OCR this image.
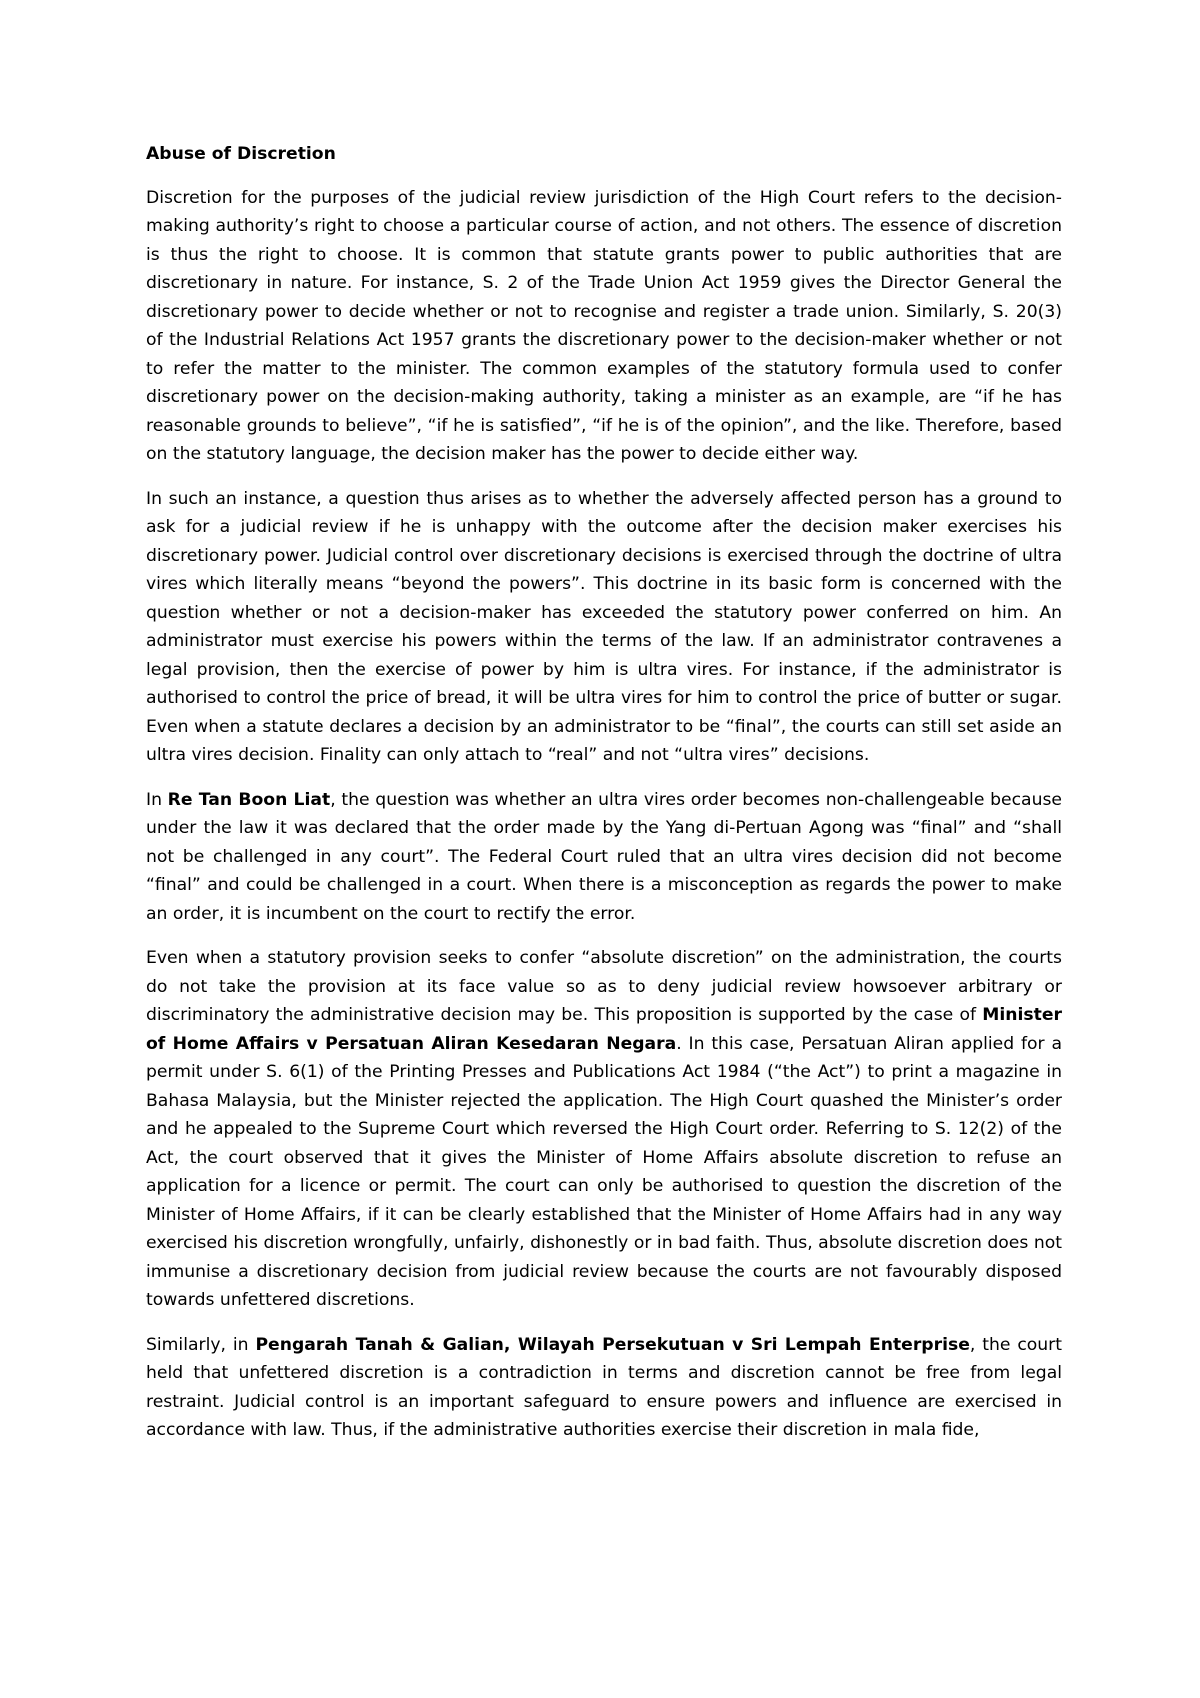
Abuse of Discretion

Discretion for the purposes of the judicial review jurisdiction of the High Court refers to the decision-making authority’s right to choose a particular course of action, and not others. The essence of discretion is thus the right to choose. It is common that statute grants power to public authorities that are discretionary in nature. For instance, S. 2 of the Trade Union Act 1959 gives the Director General the discretionary power to decide whether or not to recognise and register a trade union. Similarly, S. 20(3) of the Industrial Relations Act 1957 grants the discretionary power to the decision-maker whether or not to refer the matter to the minister. The common examples of the statutory formula used to confer discretionary power on the decision-making authority, taking a minister as an example, are “if he has reasonable grounds to believe”, “if he is satisfied”, “if he is of the opinion”, and the like. Therefore, based on the statutory language, the decision maker has the power to decide either way.

In such an instance, a question thus arises as to whether the adversely affected person has a ground to ask for a judicial review if he is unhappy with the outcome after the decision maker exercises his discretionary power. Judicial control over discretionary decisions is exercised through the doctrine of ultra vires which literally means “beyond the powers”. This doctrine in its basic form is concerned with the question whether or not a decision-maker has exceeded the statutory power conferred on him. An administrator must exercise his powers within the terms of the law. If an administrator contravenes a legal provision, then the exercise of power by him is ultra vires. For instance, if the administrator is authorised to control the price of bread, it will be ultra vires for him to control the price of butter or sugar. Even when a statute declares a decision by an administrator to be “final”, the courts can still set aside an ultra vires decision. Finality can only attach to “real” and not “ultra vires” decisions.

In Re Tan Boon Liat, the question was whether an ultra vires order becomes non-challengeable because under the law it was declared that the order made by the Yang di-Pertuan Agong was “final” and “shall not be challenged in any court”. The Federal Court ruled that an ultra vires decision did not become “final” and could be challenged in a court. When there is a misconception as regards the power to make an order, it is incumbent on the court to rectify the error.

Even when a statutory provision seeks to confer “absolute discretion” on the administration, the courts do not take the provision at its face value so as to deny judicial review howsoever arbitrary or discriminatory the administrative decision may be. This proposition is supported by the case of Minister of Home Affairs v Persatuan Aliran Kesedaran Negara. In this case, Persatuan Aliran applied for a permit under S. 6(1) of the Printing Presses and Publications Act 1984 (“the Act”) to print a magazine in Bahasa Malaysia, but the Minister rejected the application. The High Court quashed the Minister’s order and he appealed to the Supreme Court which reversed the High Court order. Referring to S. 12(2) of the Act, the court observed that it gives the Minister of Home Affairs absolute discretion to refuse an application for a licence or permit. The court can only be authorised to question the discretion of the Minister of Home Affairs, if it can be clearly established that the Minister of Home Affairs had in any way exercised his discretion wrongfully, unfairly, dishonestly or in bad faith. Thus, absolute discretion does not immunise a discretionary decision from judicial review because the courts are not favourably disposed towards unfettered discretions.

Similarly, in Pengarah Tanah & Galian, Wilayah Persekutuan v Sri Lempah Enterprise, the court held that unfettered discretion is a contradiction in terms and discretion cannot be free from legal restraint. Judicial control is an important safeguard to ensure powers and influence are exercised in accordance with law. Thus, if the administrative authorities exercise their discretion in mala fide,
